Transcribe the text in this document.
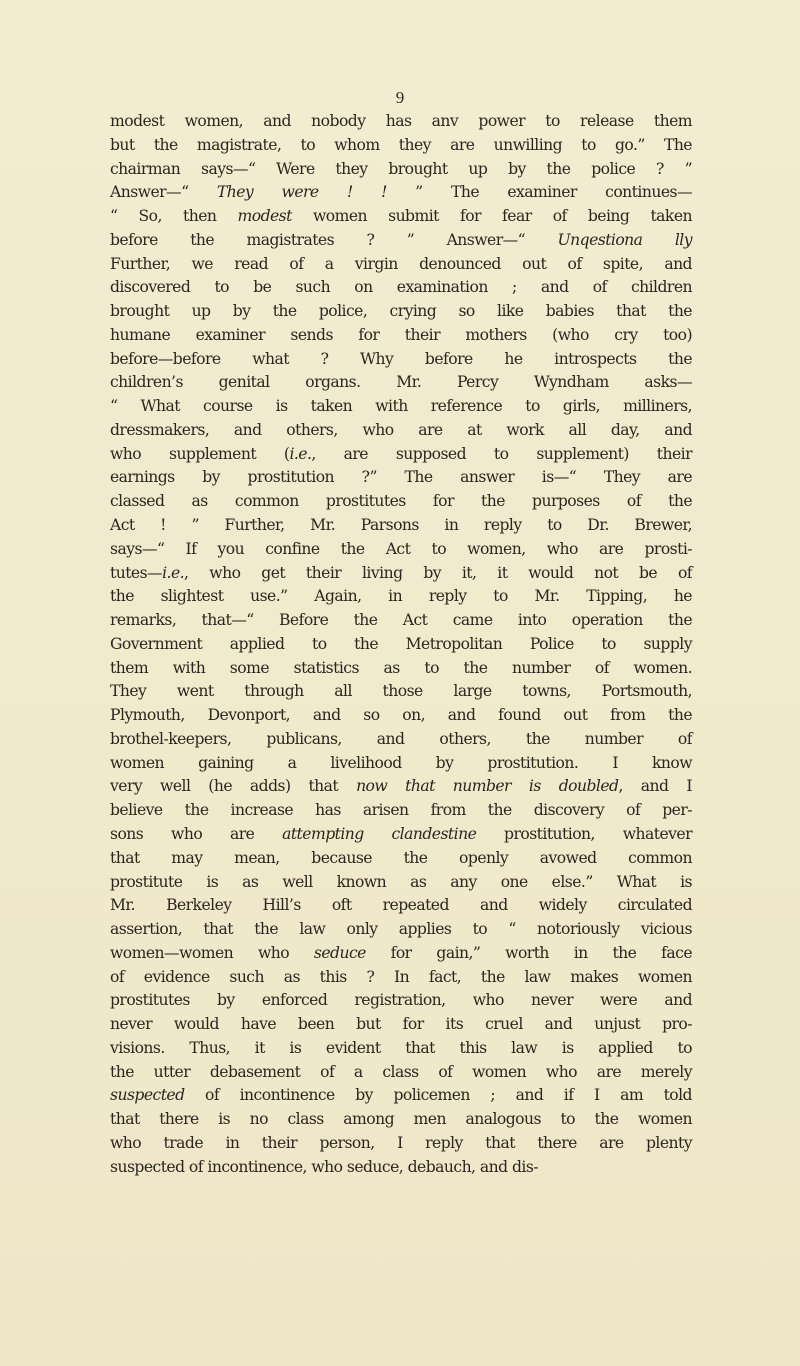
9
modest women, and nobody has anv power to release them
but the magistrate, to whom they are unwilling to go.” The
chairman says—“ Were they brought up by the police ? ”
Answer—“ They were ! ! ” The examiner continues—
“ So, then modest women submit for fear of being taken
before the magistrates ? ” Answer—“ Unqestiona lly
Further, we read of a virgin denounced out of spite, and
discovered to be such on examination ; and of children
brought up by the police, crying so like babies that the
humane examiner sends for their mothers (who cry too)
before—before what ? Why before he introspects the
children’s genital organs. Mr. Percy Wyndham asks—
“ What course is taken with reference to girls, milliners,
dressmakers, and others, who are at work all day, and
who supplement (i.e., are supposed to supplement) their
earnings by prostitution ?” The answer is—“ They are
classed as common prostitutes for the purposes of the
Act ! ” Further, Mr. Parsons in reply to Dr. Brewer,
says—“ If you confine the Act to women, who are prosti-
tutes—i.e., who get their living by it, it would not be of
the slightest use.” Again, in reply to Mr. Tipping, he
remarks, that—“ Before the Act came into operation the
Government applied to the Metropolitan Police to supply
them with some statistics as to the number of women.
They went through all those large towns, Portsmouth,
Plymouth, Devonport, and so on, and found out from the
brothel-keepers, publicans, and others, the number of
women gaining a livelihood by prostitution. I know
very well (he adds) that now that number is doubled, and I
believe the increase has arisen from the discovery of per-
sons who are attempting clandestine prostitution, whatever
that may mean, because the openly avowed common
prostitute is as well known as any one else.” What is
Mr. Berkeley Hill’s oft repeated and widely circulated
assertion, that the law only applies to “ notoriously vicious
women—women who seduce for gain,” worth in the face
of evidence such as this ? In fact, the law makes women
prostitutes by enforced registration, who never were and
never would have been but for its cruel and unjust pro-
visions. Thus, it is evident that this law is applied to
the utter debasement of a class of women who are merely
suspected of incontinence by policemen ; and if I am told
that there is no class among men analogous to the women
who trade in their person, I reply that there are plenty
suspected of incontinence, who seduce, debauch, and dis-
